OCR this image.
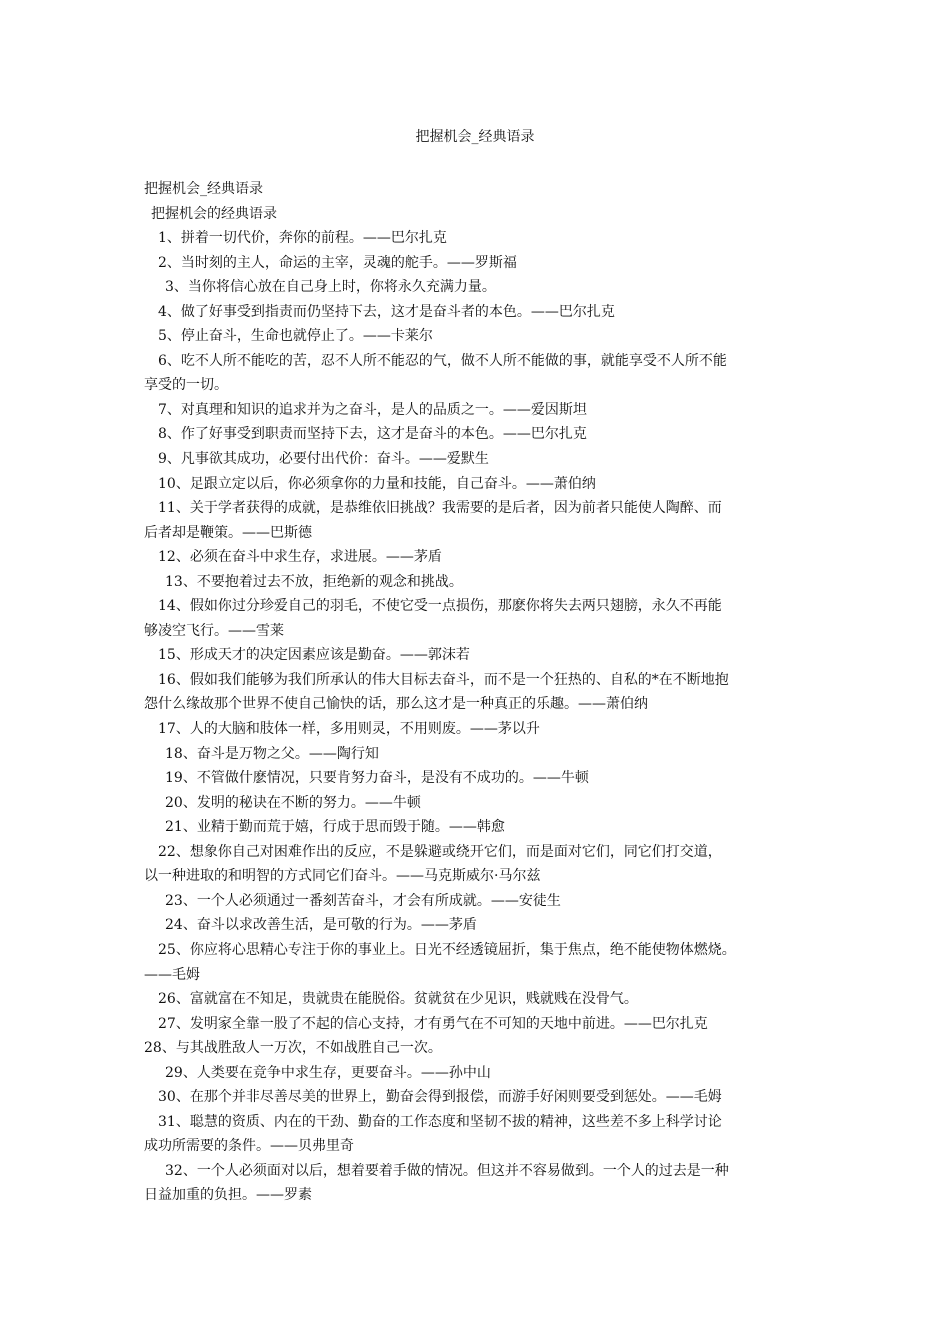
把握机会_经典语录
把握机会_经典语录
把握机会的经典语录
1、拼着一切代价，奔你的前程。——巴尔扎克
2、当时刻的主人，命运的主宰，灵魂的舵手。——罗斯福
3、当你将信心放在自己身上时，你将永久充满力量。
4、做了好事受到指责而仍坚持下去，这才是奋斗者的本色。——巴尔扎克
5、停止奋斗，生命也就停止了。——卡莱尔
6、吃不人所不能吃的苦，忍不人所不能忍的气，做不人所不能做的事，就能享受不人所不能
享受的一切。
7、对真理和知识的追求并为之奋斗，是人的品质之一。——爱因斯坦
8、作了好事受到职责而坚持下去，这才是奋斗的本色。——巴尔扎克
9、凡事欲其成功，必要付出代价：奋斗。——爱默生
10、足跟立定以后，你必须拿你的力量和技能，自己奋斗。——萧伯纳
11、关于学者获得的成就，是恭维依旧挑战？我需要的是后者，因为前者只能使人陶醉、而
后者却是鞭策。——巴斯德
12、必须在奋斗中求生存，求进展。——茅盾
13、不要抱着过去不放，拒绝新的观念和挑战。
14、假如你过分珍爱自己的羽毛，不使它受一点损伤，那麽你将失去两只翅膀，永久不再能
够凌空飞行。——雪莱
15、形成天才的决定因素应该是勤奋。——郭沫若
16、假如我们能够为我们所承认的伟大目标去奋斗，而不是一个狂热的、自私的*在不断地抱
怨什么缘故那个世界不使自己愉快的话，那么这才是一种真正的乐趣。——萧伯纳
17、人的大脑和肢体一样，多用则灵，不用则废。——茅以升
18、奋斗是万物之父。——陶行知
19、不管做什麽情况，只要肯努力奋斗，是没有不成功的。——牛顿
20、发明的秘诀在不断的努力。——牛顿
21、业精于勤而荒于嬉，行成于思而毁于随。——韩愈
22、想象你自己对困难作出的反应，不是躲避或绕开它们，而是面对它们，同它们打交道，
以一种进取的和明智的方式同它们奋斗。——马克斯威尔·马尔兹
23、一个人必须通过一番刻苦奋斗，才会有所成就。——安徒生
24、奋斗以求改善生活，是可敬的行为。——茅盾
25、你应将心思精心专注于你的事业上。日光不经透镜屈折，集于焦点，绝不能使物体燃烧。
——毛姆
26、富就富在不知足，贵就贵在能脱俗。贫就贫在少见识，贱就贱在没骨气。
27、发明家全靠一股了不起的信心支持，才有勇气在不可知的天地中前进。——巴尔扎克
28、与其战胜敌人一万次，不如战胜自己一次。
29、人类要在竞争中求生存，更要奋斗。——孙中山
30、在那个并非尽善尽美的世界上，勤奋会得到报偿，而游手好闲则要受到惩处。——毛姆
31、聪慧的资质、内在的干劲、勤奋的工作态度和坚韧不拔的精神，这些差不多上科学讨论
成功所需要的条件。——贝弗里奇
32、一个人必须面对以后，想着要着手做的情况。但这并不容易做到。一个人的过去是一种
日益加重的负担。——罗素
